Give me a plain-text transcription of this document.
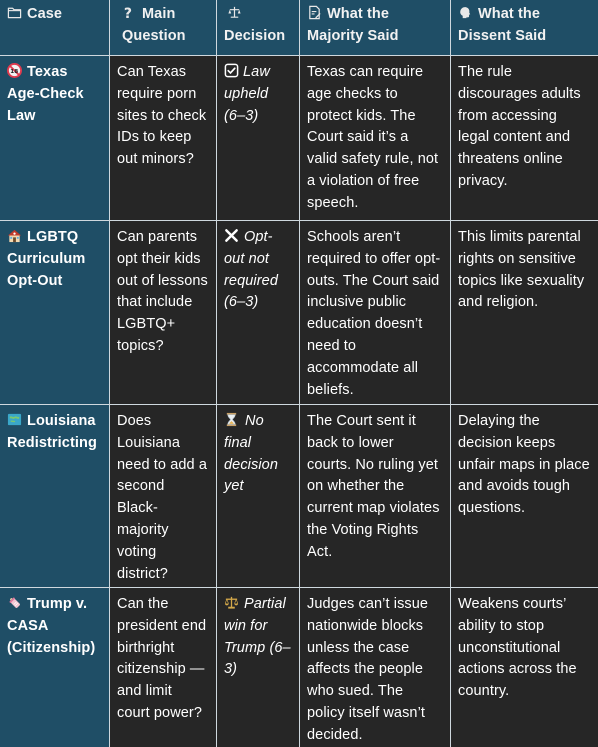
Case	? Main
Question	Decision
What the
Majority Said
What the
Dissent Said
18 Texas Age-Check Law
Can Texas require porn sites to check IDs to keep out minors?
Law upheld (6–3)
Texas can require age checks to protect kids. The Court said it’s a valid safety rule, not a violation of free speech.
The rule discourages adults from accessing legal content and threatens online privacy.
LGBTQ Curriculum Opt-Out
Can parents opt their kids out of lessons that include LGBTQ+ topics?
Opt-out not required (6–3)
Schools aren’t required to offer opt-outs. The Court said inclusive public education doesn’t need to accommodate all beliefs.
This limits parental rights on sensitive topics like sexuality and religion.
Louisiana Redistricting
Does Louisiana need to add a second Black-majority voting district?
No final decision yet
The Court sent it back to lower courts. No ruling yet on whether the current map violates the Voting Rights Act.
Delaying the decision keeps unfair maps in place and avoids tough questions.
Trump v. CASA (Citizenship)
Can the president end birthright citizenship — and limit court power?
Partial win for Trump (6–3)
Judges can’t issue nationwide blocks unless the case affects the people who sued. The policy itself wasn’t decided.
Weakens courts’ ability to stop unconstitutional actions across the country.
